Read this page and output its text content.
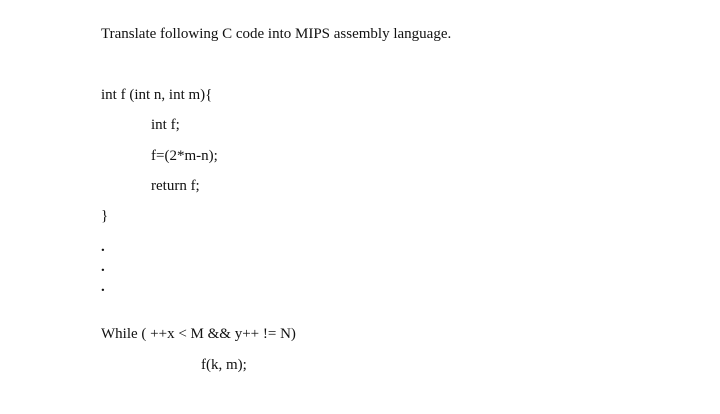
Translate following C code into MIPS assembly language.

int f (int n, int m){

int f;

f=(2*m-n);

return f;

}

.

.

.

While ( ++x < M && y++ != N)

f(k, m);
